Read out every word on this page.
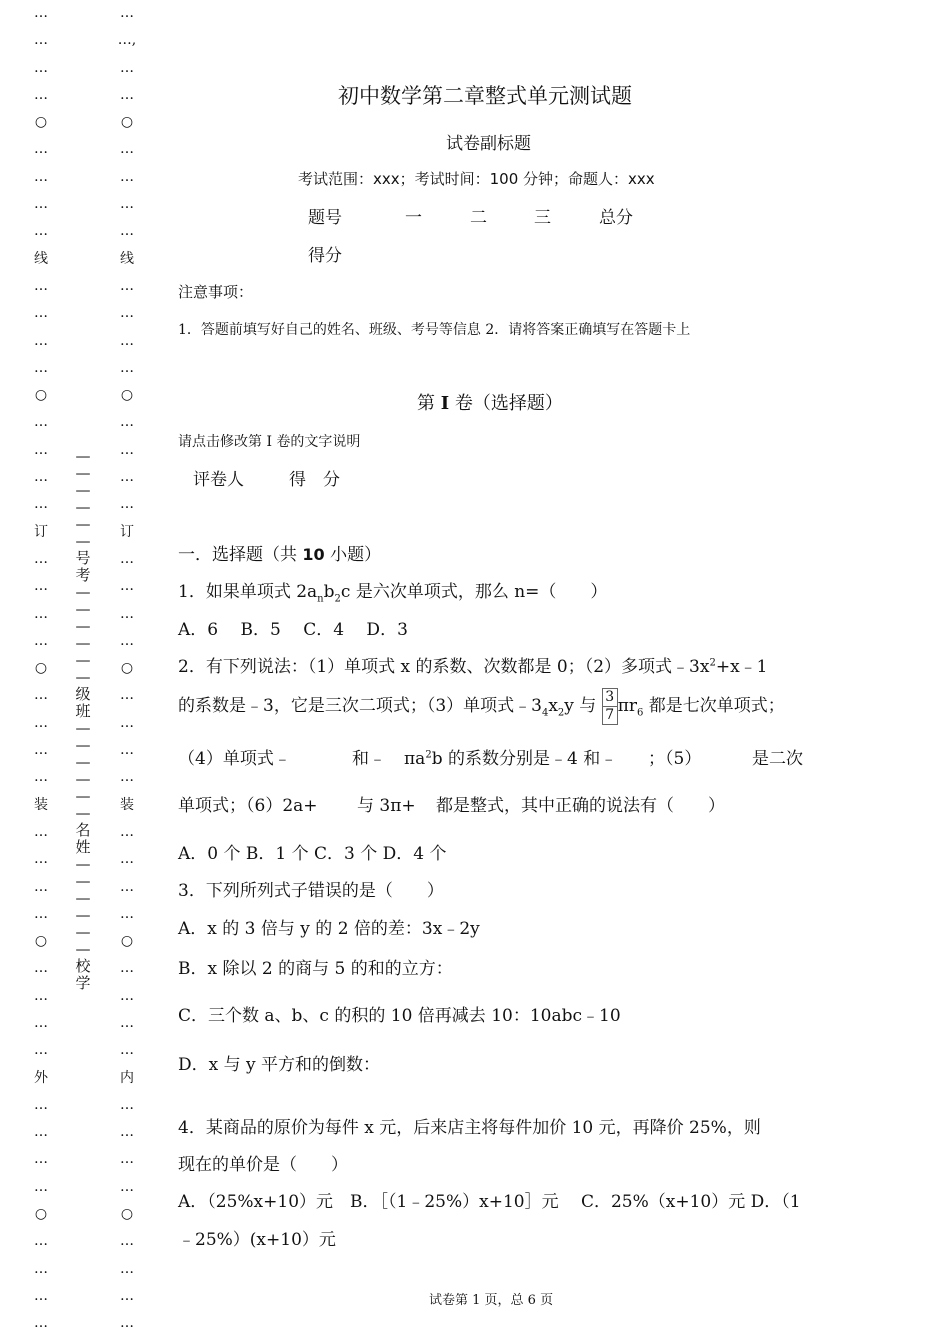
…
…
…
…
○
…
…
…
…
线
…
…
…
…
○
…
…
…
…
订
…
…
…
…
○
…
…
…
…
装
…
…
…
…
○
…
…
…
…
外
…
…
…
…
○
…
…
…
…
…
…,
…
…
○
…
…
…
…
线
…
…
…
…
○
…
…
…
…
订
…
…
…
…
○
…
…
…
…
装
…
…
…
…
○
…
…
…
…
内
…
…
…
…
○
…
…
…
…
—
—
—
—
—
—
号
考
—
—
—
—
—
—
级
班
—
—
—
—
—
—
名
姓
—
—
—
—
—
—
校
学
初中数学第二章整式单元测试题
试卷副标题
考试范围：xxx；考试时间：100 分钟；命题人：xxx
题号	一	二	三	总分
得分
注意事项：
1．答题前填写好自己的姓名、班级、考号等信息 2．请将答案正确填写在答题卡上
第 I 卷（选择题）
请点击修改第 I 卷的文字说明
评卷人	得　分
一．选择题（共 10 小题）
1．如果单项式 $2a_nb_2c$ 是六次单项式，那么 n=（　　）
A．6　 B．5　 C．4　 D．3
2．有下列说法：（1）单项式 x 的系数、次数都是 0；（2）多项式$﹣3x^2+x﹣1$
的系数是﹣3，它是三次二项式；（3）单项式$﹣3_4x_2y$ 与 $\frac{3}{7} \pi r_6$ 都是七次单项式；
（4）单项式﹣	和﹣ $\pi a^2b$ 的系数分别是﹣4 和﹣ ；（5）	是二次
单项式；（6）2a+ 与 3π+ 都是整式，其中正确的说法有（　　）
A．0 个 B．1 个 C．3 个 D．4 个
3．下列所列式子错误的是（　　）
A．x 的 3 倍与 y 的 2 倍的差：3x﹣2y
B．x 除以 2 的商与 5 的和的立方：
C．三个数 a、b、c 的积的 10 倍再减去 10：10abc﹣10
D．x 与 y 平方和的倒数：
4．某商品的原价为每件 x 元，后来店主将每件加价 10 元，再降价 25%，则
现在的单价是（　　）
A．（25%x+10）元　B．［（1﹣25%）x+10］元　 C．25%（x+10）元 D．（1
﹣25%）(x+10）元
试卷第 1 页，总 6 页
